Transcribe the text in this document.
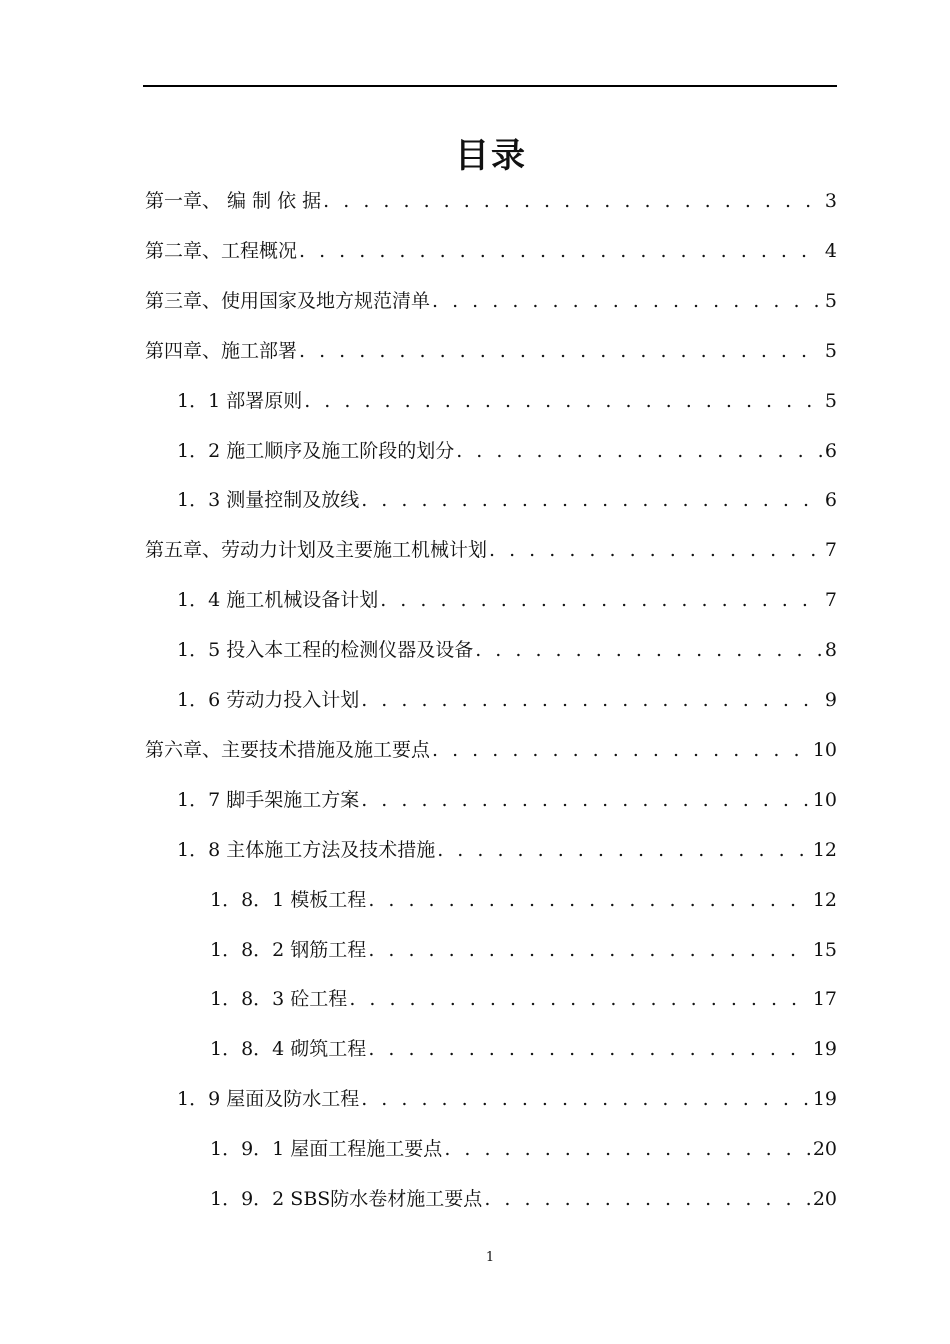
目录
第一章、 编 制 依 据 . . .	3
第二章、工程概况 . . .	4
第三章、使用国家及地方规范清单 . . .	5
第四章、施工部署 . . .	5
1．1 部署原则 . . .	5
1．2 施工顺序及施工阶段的划分 . . .	6
1．3 测量控制及放线 . . .	6
第五章、劳动力计划及主要施工机械计划 . . .	7
1．4 施工机械设备计划 . . .	7
1．5 投入本工程的检测仪器及设备 . . .	8
1．6 劳动力投入计划 . . .	9
第六章、主要技术措施及施工要点 . . .	10
1．7 脚手架施工方案 . . .	10
1．8 主体施工方法及技术措施 . . .	12
1．8．1 模板工程 . . .	12
1．8．2 钢筋工程 . . .	15
1．8．3 砼工程 . . .	17
1．8．4 砌筑工程 . . .	19
1．9 屋面及防水工程 . . .	19
1．9．1 屋面工程施工要点 . . .	20
1．9．2 SBS防水卷材施工要点 . . .	20
1
